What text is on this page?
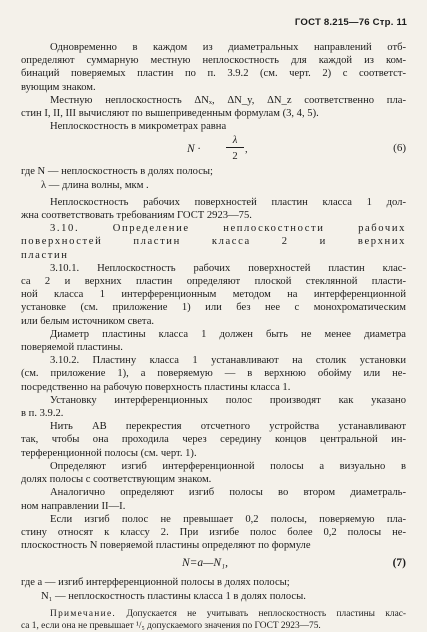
ГОСТ 8.215—76 Стр. 11

Одновременно в каждом из диаметральных направлений отб-

определяют суммарную местную неплоскостность для каждой из ком-

бинаций поверяемых пластин по п. 3.9.2 (см. черт. 2) с соответст-

вующим знаком.

Местную неплоскостность ΔNₓ, ΔN_y, ΔN_z соответственно пла-

стин I, II, III вычисляют по вышеприведенным формулам (3, 4, 5).

Неплоскостность в микрометрах равна

N ·
λ
2
,	(6)

где N — неплоскостность в долях полосы;

λ — длина волны, мкм .

Неплоскостность рабочих поверхностей пластин класса 1 дол-

жна соответствовать требованиям ГОСТ 2923—75.

3.10. Определение неплоскостности рабочих

поверхностей пластин класса 2 и верхних

пластин

3.10.1. Неплоскостность рабочих поверхностей пластин клас-

са 2 и верхних пластин определяют плоской стеклянной пласти-

ной класса 1 интерференционным методом на интерференционной

установке (см. приложение 1) или без нее с монохроматическим

или белым источником света.

Диаметр пластины класса 1 должен быть не менее диаметра

поверяемой пластины.

3.10.2. Пластину класса 1 устанавливают на столик установки

(см. приложение 1), а поверяемую — в верхнюю обойму или не-

посредственно на рабочую поверхность пластины класса 1.

Установку интерференционных полос производят как указано

в п. 3.9.2.

Нить AB перекрестия отсчетного устройства устанавливают

так, чтобы она проходила через середину концов центральной ин-

терференционной полосы (см. черт. 1).

Определяют изгиб интерференционной полосы a визуально в

долях полосы с соответствующим знаком.

Аналогично определяют изгиб полосы во втором диаметраль-

ном направлении II—I.

Если изгиб полос не превышает 0,2 полосы, поверяемую пла-

стину относят к классу 2. При изгибе полос более 0,2 полосы не-

плоскостность N поверяемой пластины определяют по формуле

N=a—N₁,	(7)

где a — изгиб интерференционной полосы в долях полосы;

N₁ — неплоскостность пластины класса 1 в долях полосы.

Примечание. Допускается не учитывать неплоскостность пластины клас-

са 1, если она не превышает ¹/₅ допускаемого значения по ГОСТ 2923—75.
